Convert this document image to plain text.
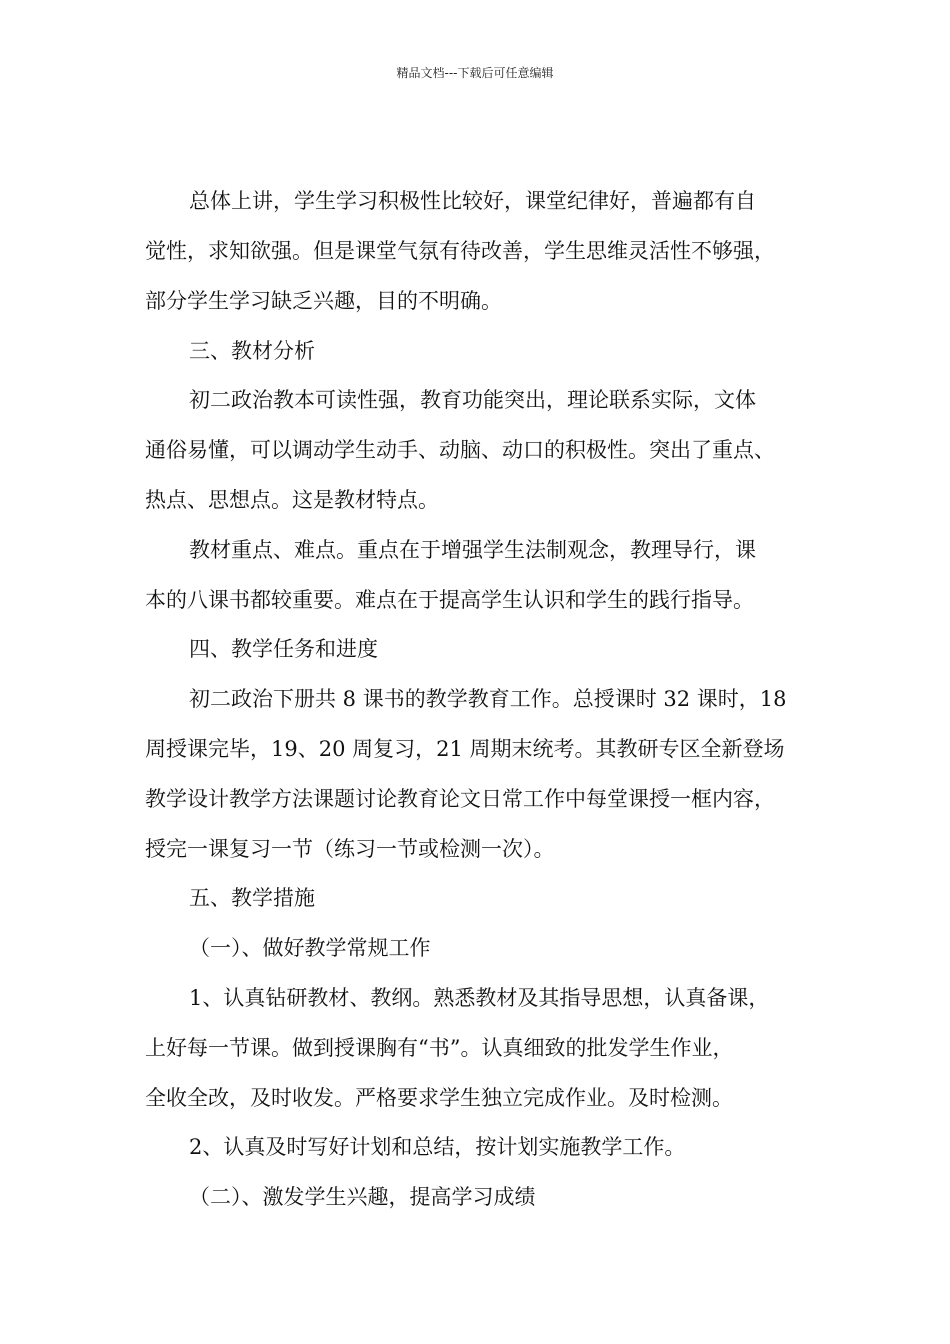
精品文档---下载后可任意编辑
总体上讲，学生学习积极性比较好，课堂纪律好，普遍都有自
觉性，求知欲强。但是课堂气氛有待改善，学生思维灵活性不够强，
部分学生学习缺乏兴趣，目的不明确。
三、教材分析
初二政治教本可读性强，教育功能突出，理论联系实际，文体
通俗易懂，可以调动学生动手、动脑、动口的积极性。突出了重点、
热点、思想点。这是教材特点。
教材重点、难点。重点在于增强学生法制观念，教理导行，课
本的八课书都较重要。难点在于提高学生认识和学生的践行指导。
四、教学任务和进度
初二政治下册共 8 课书的教学教育工作。总授课时 32 课时，18
周授课完毕，19、20 周复习，21 周期末统考。其教研专区全新登场
教学设计教学方法课题讨论教育论文日常工作中每堂课授一框内容，
授完一课复习一节（练习一节或检测一次）。
五、教学措施
（一）、做好教学常规工作
1、认真钻研教材、教纲。熟悉教材及其指导思想，认真备课，
上好每一节课。做到授课胸有“书”。认真细致的批发学生作业，
全收全改，及时收发。严格要求学生独立完成作业。及时检测。
2、认真及时写好计划和总结，按计划实施教学工作。
（二）、激发学生兴趣，提高学习成绩
